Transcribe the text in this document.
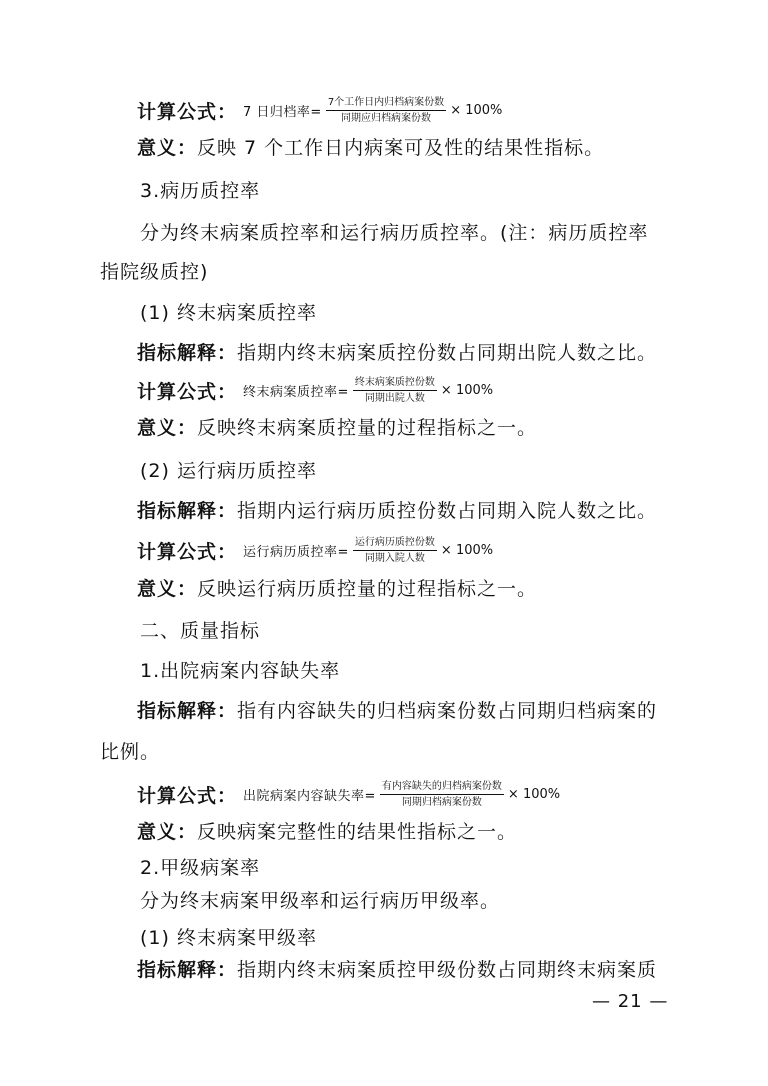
计算公式： 7 日归档率= $\frac{\text{7个工作日内归档病案份数}}{\text{同期应归档病案份数}} \times 100\%$
意义：反映 7 个工作日内病案可及性的结果性指标。
3.病历质控率
分为终末病案质控率和运行病历质控率。(注：病历质控率
指院级质控)
(1) 终末病案质控率
指标解释：指期内终末病案质控份数占同期出院人数之比。
计算公式： 终末病案质控率= $\frac{\text{终末病案质控份数}}{\text{同期出院人数}} \times 100\%$
意义：反映终末病案质控量的过程指标之一。
(2) 运行病历质控率
指标解释：指期内运行病历质控份数占同期入院人数之比。
计算公式： 运行病历质控率= $\frac{\text{运行病历质控份数}}{\text{同期入院人数}} \times 100\%$
意义：反映运行病历质控量的过程指标之一。
二、质量指标
1.出院病案内容缺失率
指标解释：指有内容缺失的归档病案份数占同期归档病案的
比例。
计算公式： 出院病案内容缺失率= $\frac{\text{有内容缺失的归档病案份数}}{\text{同期归档病案份数}} \times 100\%$
意义：反映病案完整性的结果性指标之一。
2.甲级病案率
分为终末病案甲级率和运行病历甲级率。
(1) 终末病案甲级率
指标解释：指期内终末病案质控甲级份数占同期终末病案质
— 21 —
